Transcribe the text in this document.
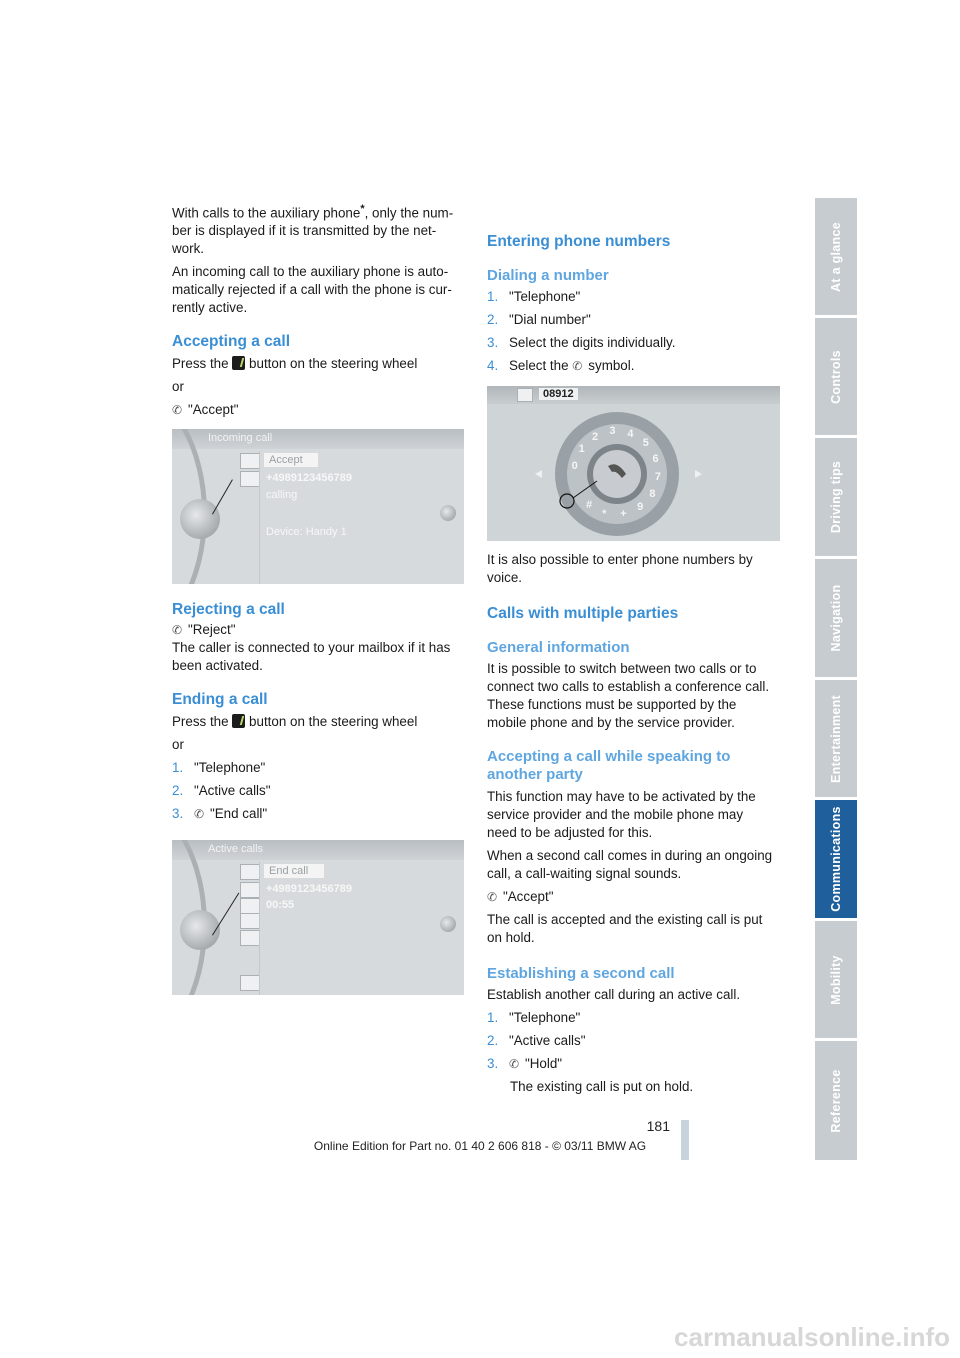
With calls to the auxiliary phone*, only the num-
ber is displayed if it is transmitted by the net-
work.

An incoming call to the auxiliary phone is auto-
matically rejected if a call with the phone is cur-
rently active.

Accepting a call

Press the button on the steering wheel

or

✆ "Accept"

Incoming call
Accept
+4989123456789
calling
Device: Handy 1
Rejecting a call

✆ "Reject"

The caller is connected to your mailbox if it has
been activated.

Ending a call

Press the button on the steering wheel

or

1. "Telephone"
2. "Active calls"
3. ✆ "End call"
Active calls
End call
+4989123456789
00:55
Entering phone numbers
Dialing a number
1. "Telephone"
2. "Dial number"
3. Select the digits individually.
4. Select the ✆ symbol.
08912
0
1
2 3 4
5
6
7
8
9
+
*
#

It is also possible to enter phone numbers by
voice.

Calls with multiple parties
General information

It is possible to switch between two calls or to
connect two calls to establish a conference call.
These functions must be supported by the
mobile phone and by the service provider.

Accepting a call while speaking to
another party

This function may have to be activated by the
service provider and the mobile phone may
need to be adjusted for this.

When a second call comes in during an ongoing
call, a call-waiting signal sounds.

✆ "Accept"

The call is accepted and the existing call is put
on hold.

Establishing a second call

Establish another call during an active call.

1. "Telephone"
2. "Active calls"
3. ✆ "Hold"
The existing call is put on hold.
At a glance
Controls
Driving tips
Navigation
Entertainment
Communications
Mobility
Reference
181
Online Edition for Part no. 01 40 2 606 818 - © 03/11 BMW AG
carmanualsonline.info
